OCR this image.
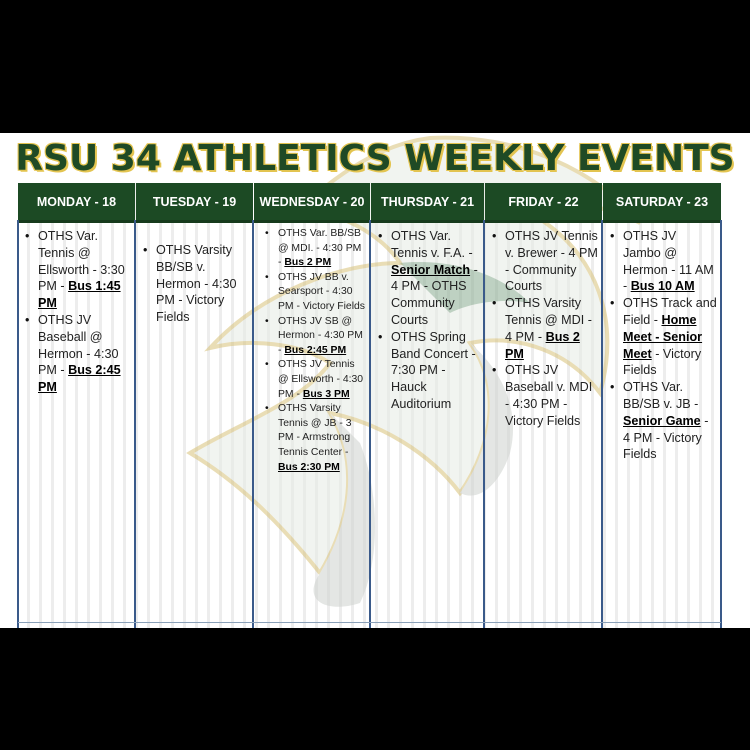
RSU 34 ATHLETICS WEEKLY EVENTS
MONDAY - 18
• OTHS Var. Tennis @ Ellsworth - 3:30 PM - Bus 1:45 PM
• OTHS JV Baseball @ Hermon - 4:30 PM - Bus 2:45 PM
TUESDAY - 19
• OTHS Varsity BB/SB v. Hermon - 4:30 PM - Victory Fields
WEDNESDAY - 20
• OTHS Var. BB/SB @ MDI. - 4:30 PM - Bus 2 PM
• OTHS JV BB v. Searsport - 4:30 PM - Victory Fields
• OTHS JV SB @ Hermon - 4:30 PM - Bus 2:45 PM
• OTHS JV Tennis @ Ellsworth - 4:30 PM - Bus 3 PM
• OTHS Varsity Tennis @ JB - 3 PM - Armstrong Tennis Center - Bus 2:30 PM
THURSDAY - 21
• OTHS Var. Tennis v. F.A. - Senior Match - 4 PM - OTHS Community Courts
• OTHS Spring Band Concert - 7:30 PM - Hauck Auditorium
FRIDAY - 22
• OTHS JV Tennis v. Brewer - 4 PM - Community Courts
• OTHS Varsity Tennis @ MDI - 4 PM - Bus 2 PM
• OTHS JV Baseball v. MDI - 4:30 PM - Victory Fields
SATURDAY - 23
• OTHS JV Jambo @ Hermon - 11 AM - Bus 10 AM
• OTHS Track and Field - Home Meet - Senior Meet - Victory Fields
• OTHS Var. BB/SB v. JB - Senior Game - 4 PM - Victory Fields
